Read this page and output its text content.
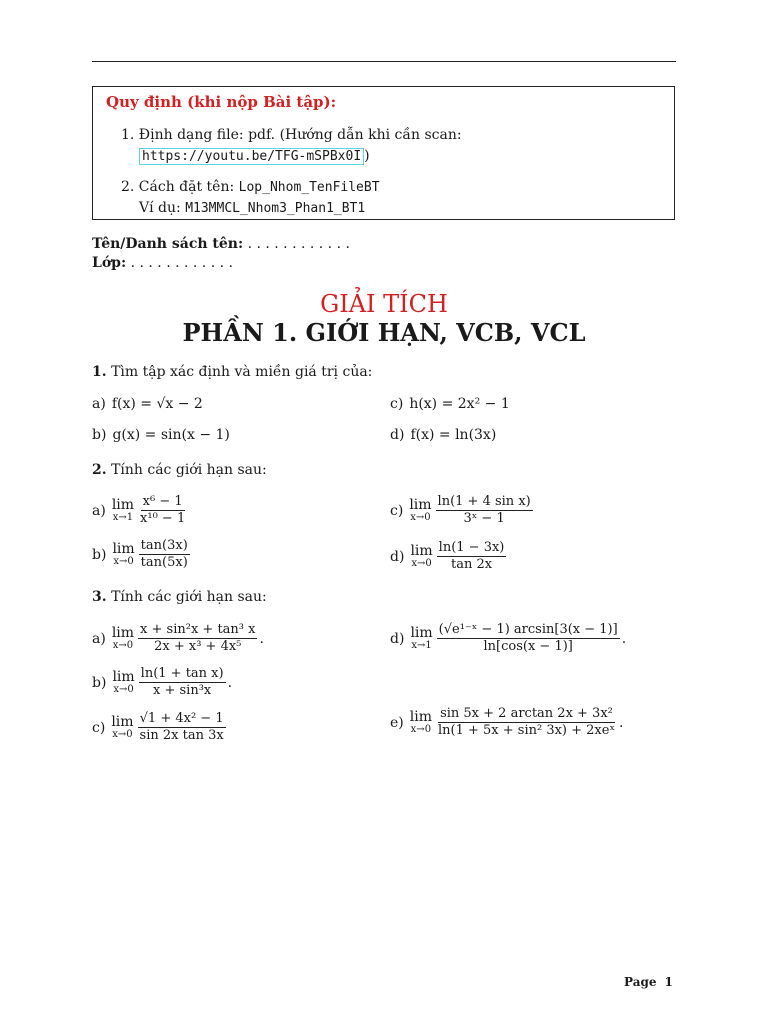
Quy định (khi nộp Bài tập):
1. Định dạng file: pdf. (Hướng dẫn khi cần scan:
https://youtu.be/TFG-mSPBx0I )
2. Cách đặt tên: Lop_Nhom_TenFileBT
Ví dụ: M13MMCL_Nhom3_Phan1_BT1
Tên/Danh sách tên: . . . . . . . . . . . .
Lớp: . . . . . . . . . . . .
GIẢI TÍCH
PHẦN 1. GIỚI HẠN, VCB, VCL
1. Tìm tập xác định và miền giá trị của:
a) f(x) = √x − 2
b) g(x) = sin(x − 1)
c) h(x) = 2x² − 1
d) f(x) = ln(3x)
2. Tính các giới hạn sau:
a) lim
$x\to 1 \frac{\text{x⁶ − 1}}{\text{x¹⁰ − 1}}$
b) lim
$x\to 0 \frac{\tan(3x)}{\tan(5x)}$
c) lim
$x\to 0 \frac{\text{ln(1 + 4 sin x)}}{\text{3ˣ − 1}}$
d) lim
$x\to 0 \frac{\ln(1 - 3x)}{\tan 2x}$
3. Tính các giới hạn sau:
a) lim
$x\to 0 \frac{\text{x + sin²x + tan³ x}}{\text{2x + x³ + 4x⁵}}$ .
b) lim
$x\to 0 \frac{\text{ln(1 + tan x)}}{\text{x + sin³x}}$ .
c) lim
$x\to 0 \frac{\text{√1 + 4x² − 1}}{\text{sin 2x tan 3x}}$
d) lim
$x\to 1 \frac{\text{(√e¹⁻ˣ − 1) arcsin[3(x − 1)]}}{\ln[\cos(x - 1)]}$ .
e) lim
$x\to 0 \frac{\text{sin 5x + 2 arctan 2x + 3x²}}{\text{ln(1 + 5x + sin² 3x) + 2xeˣ}}$ .
Page 1
